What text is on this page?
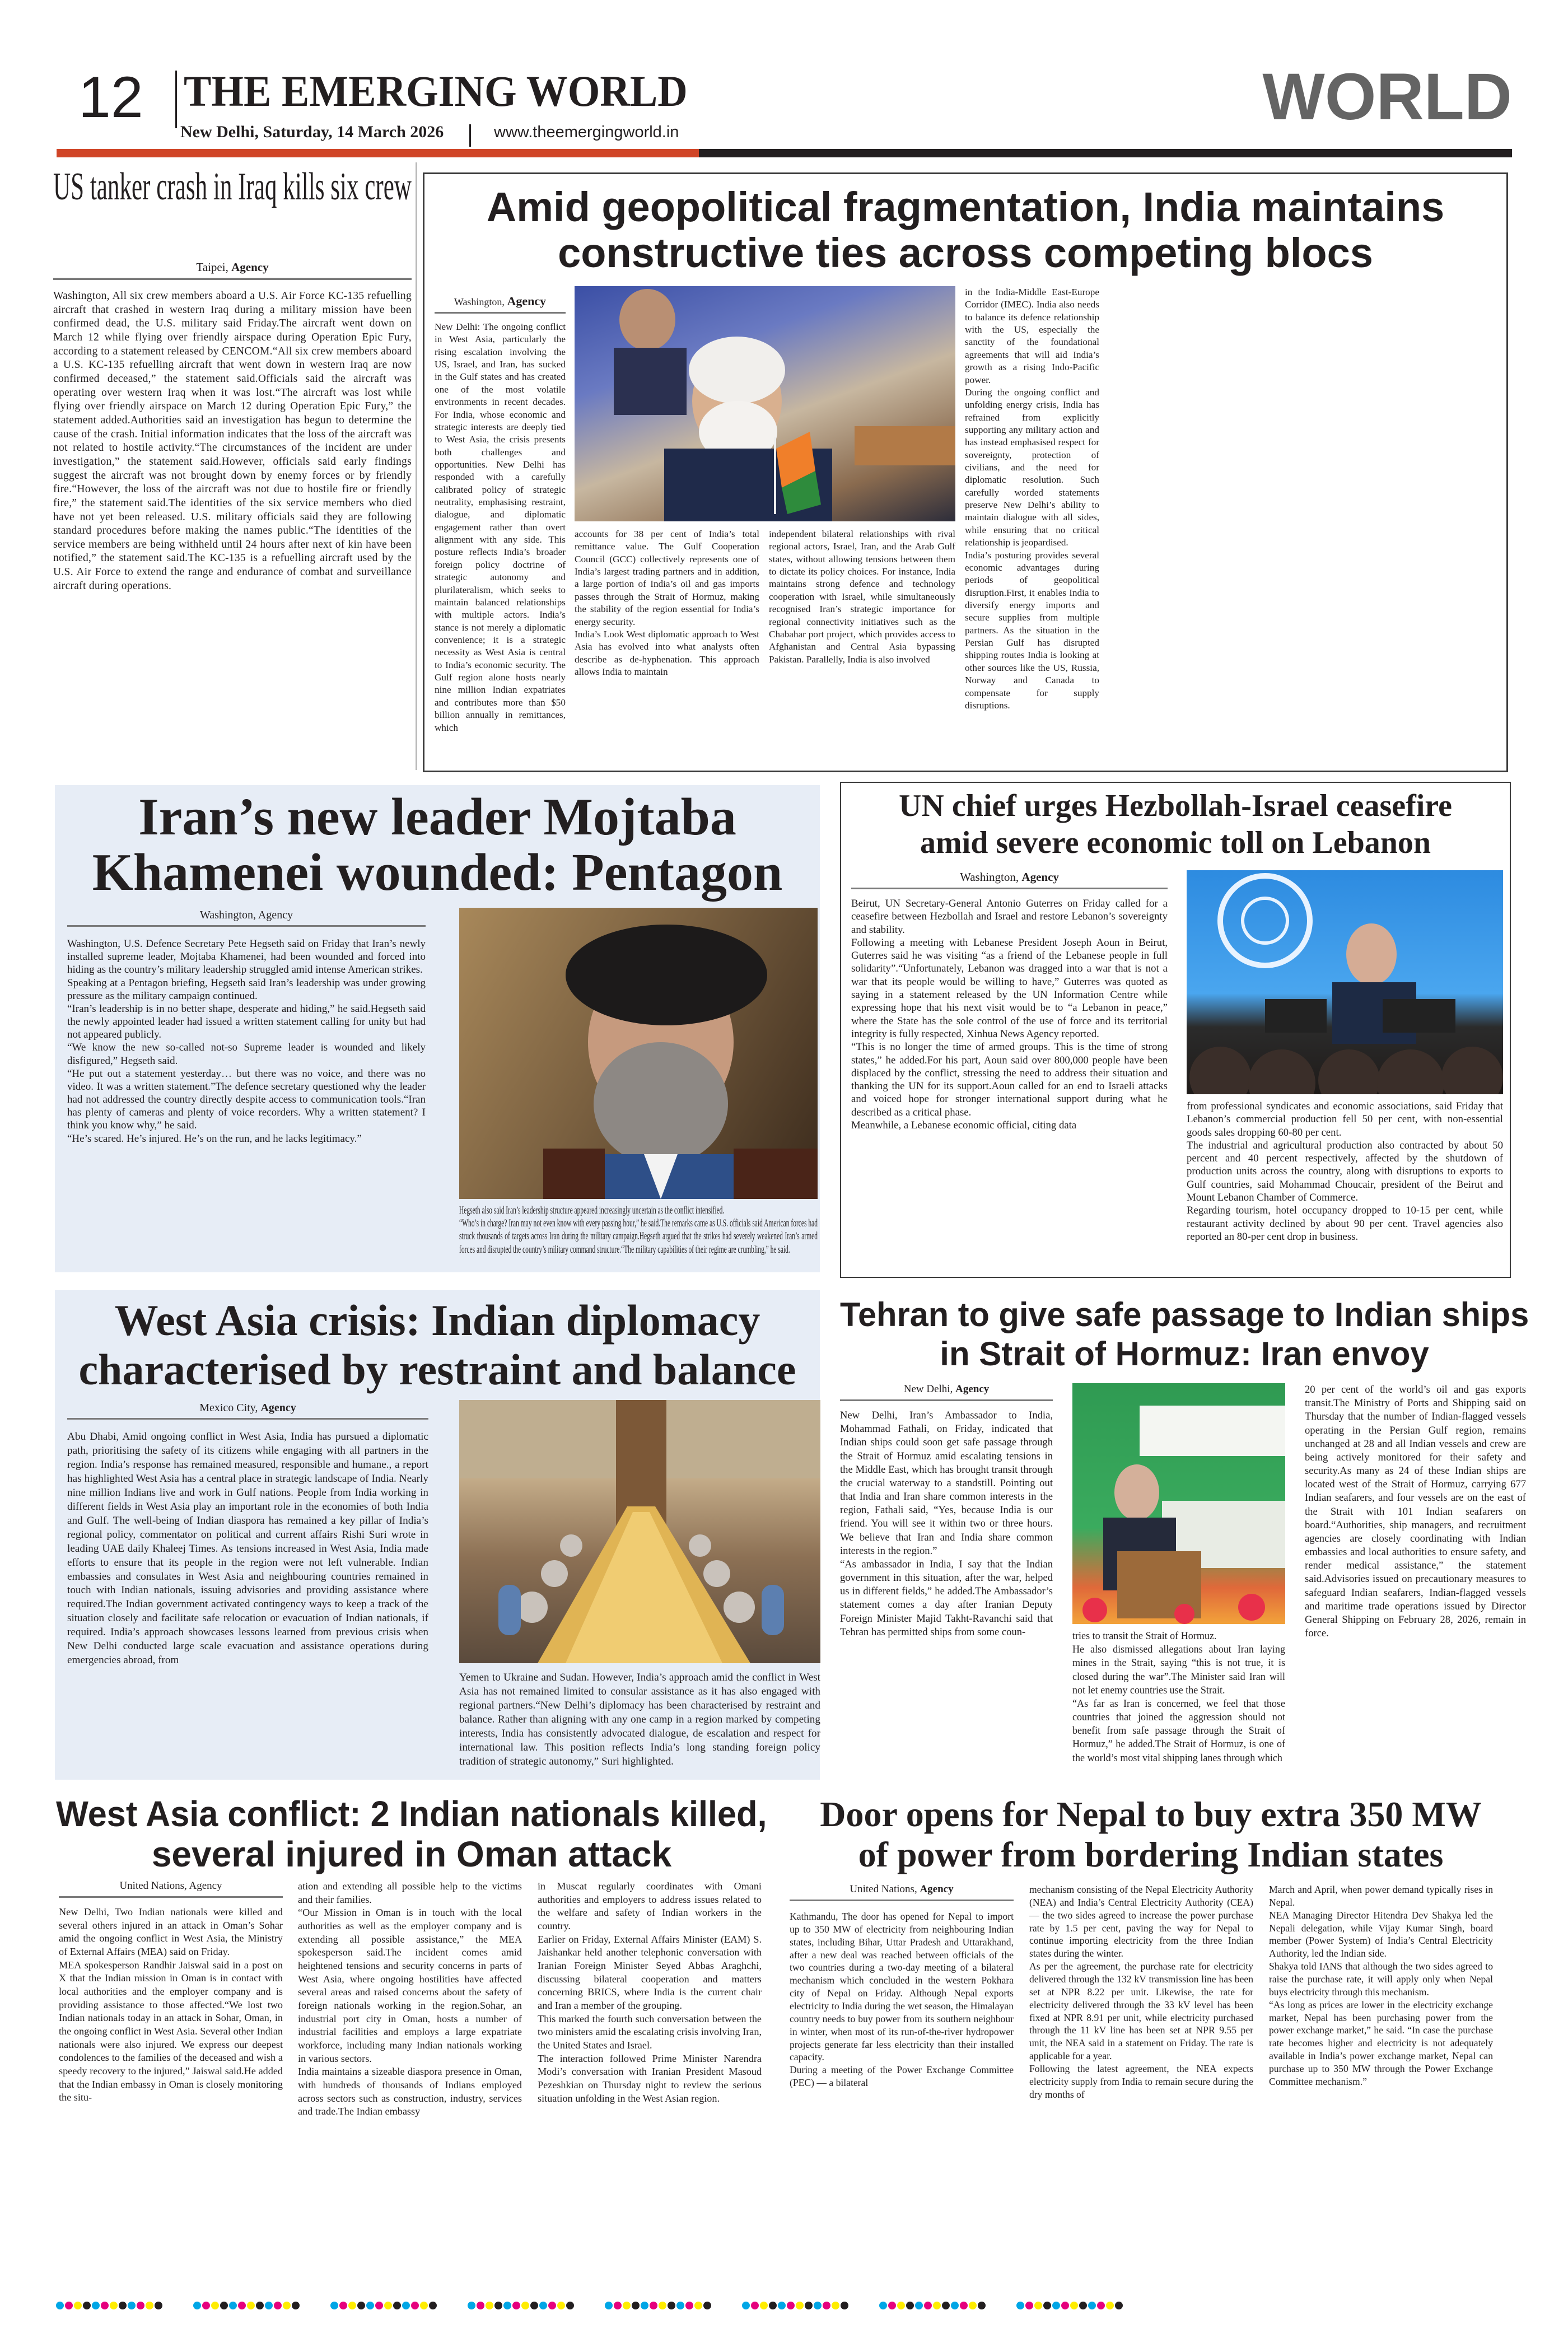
12 THE EMERGING WORLD
New Delhi, Saturday, 14 March 2026	www.theemergingworld.in	WORLD
US tanker crash in Iraq kills six crew
Taipei, Agency

Washington, All six crew members aboard a U.S. Air Force KC-135 refuelling aircraft that crashed in western Iraq during a military mission have been confirmed dead, the U.S. military said Friday.The aircraft went down on March 12 while flying over friendly airspace during Operation Epic Fury, according to a statement released by CENCOM.“All six crew members aboard a U.S. KC-135 refuelling aircraft that went down in western Iraq are now confirmed deceased,” the statement said.Officials said the aircraft was operating over western Iraq when it was lost.“The aircraft was lost while flying over friendly airspace on March 12 during Operation Epic Fury,” the statement added.Authorities said an investigation has begun to determine the cause of the crash. Initial information indicates that the loss of the aircraft was not related to hostile activity.“The circumstances of the incident are under investigation,” the statement said.However, officials said early findings suggest the aircraft was not brought down by enemy forces or by friendly fire.“However, the loss of the aircraft was not due to hostile fire or friendly fire,” the statement said.The identities of the six service members who died have not yet been released. U.S. military officials said they are following standard procedures before making the names public.“The identities of the service members are being withheld until 24 hours after next of kin have been notified,” the statement said.The KC-135 is a refuelling aircraft used by the U.S. Air Force to extend the range and endurance of combat and surveillance aircraft during operations.

Amid geopolitical fragmentation, India maintains
constructive ties across competing blocs
Washington, Agency

New Delhi: The ongoing conflict in West Asia, particularly the rising escalation involving the US, Israel, and Iran, has sucked in the Gulf states and has created one of the most volatile environments in recent decades. For India, whose economic and strategic interests are deeply tied to West Asia, the crisis presents both challenges and opportunities. New Delhi has responded with a carefully calibrated policy of strategic neutrality, emphasising restraint, dialogue, and diplomatic engagement rather than overt alignment with any side. This posture reflects India’s broader foreign policy doctrine of strategic autonomy and plurilateralism, which seeks to maintain balanced relationships with multiple actors. India’s stance is not merely a diplomatic convenience; it is a strategic necessity as West Asia is central to India’s economic security. The Gulf region alone hosts nearly nine million Indian expatriates and contributes more than $50 billion annually in remittances, which

accounts for 38 per cent of India’s total remittance value. The Gulf Cooperation Council (GCC) collectively represents one of India’s largest trading partners and in addition, a large portion of India’s oil and gas imports passes through the Strait of Hormuz, making the stability of the region essential for India’s energy security.

India’s Look West diplomatic approach to West Asia has evolved into what analysts often describe as de-hyphenation. This approach allows India to maintain

independent bilateral relationships with rival regional actors, Israel, Iran, and the Arab Gulf states, without allowing tensions between them to dictate its policy choices. For instance, India maintains strong defence and technology cooperation with Israel, while simultaneously recognised Iran’s strategic importance for regional connectivity initiatives such as the Chabahar port project, which provides access to Afghanistan and Central Asia bypassing Pakistan. Parallelly, India is also involved

in the India-Middle East-Europe Corridor (IMEC). India also needs to balance its defence relationship with the US, especially the sanctity of the foundational agreements that will aid India’s growth as a rising Indo-Pacific power.

During the ongoing conflict and unfolding energy crisis, India has refrained from explicitly supporting any military action and has instead emphasised respect for sovereignty, protection of civilians, and the need for diplomatic resolution. Such carefully worded statements preserve New Delhi’s ability to maintain dialogue with all sides, while ensuring that no critical relationship is jeopardised.

India’s posturing provides several economic advantages during periods of geopolitical disruption.First, it enables India to diversify energy imports and secure supplies from multiple partners. As the situation in the Persian Gulf has disrupted shipping routes India is looking at other sources like the US, Russia, Norway and Canada to compensate for supply disruptions.

Iran’s new leader Mojtaba Khamenei wounded: Pentagon
Washington, Agency

Washington, U.S. Defence Secretary Pete Hegseth said on Friday that Iran’s newly installed supreme leader, Mojtaba Khamenei, had been wounded and forced into hiding as the country’s military leadership struggled amid intense American strikes.

Speaking at a Pentagon briefing, Hegseth said Iran’s leadership was under growing pressure as the military campaign continued.

“Iran’s leadership is in no better shape, desperate and hiding,” he said.Hegseth said the newly appointed leader had issued a written statement calling for unity but had not appeared publicly.

“We know the new so-called not-so Supreme leader is wounded and likely disfigured,” Hegseth said.

“He put out a statement yesterday… but there was no voice, and there was no video. It was a written statement.”The defence secretary questioned why the leader had not addressed the country directly despite access to communication tools.“Iran has plenty of cameras and plenty of voice recorders. Why a written statement? I think you know why,” he said.

“He’s scared. He’s injured. He’s on the run, and he lacks legitimacy.”

Hegseth also said Iran’s leadership structure appeared increasingly uncertain as the conflict intensified.

“Who’s in charge? Iran may not even know with every passing hour,” he said.The remarks came as U.S. officials said American forces had struck thousands of targets across Iran during the military campaign.Hegseth argued that the strikes had severely weakened Iran’s armed forces and disrupted the country’s military command structure.“The military capabilities of their regime are crumbling,” he said.

UN chief urges Hezbollah-Israel ceasefire
amid severe economic toll on Lebanon
Washington, Agency

Beirut, UN Secretary-General Antonio Guterres on Friday called for a ceasefire between Hezbollah and Israel and restore Lebanon’s sovereignty and stability.

Following a meeting with Lebanese President Joseph Aoun in Beirut, Guterres said he was visiting “as a friend of the Lebanese people in full solidarity”.“Unfortunately, Lebanon was dragged into a war that is not a war that its people would be willing to have,” Guterres was quoted as saying in a statement released by the UN Information Centre while expressing hope that his next visit would be to “a Lebanon in peace,” where the State has the sole control of the use of force and its territorial integrity is fully respected, Xinhua News Agency reported.

“This is no longer the time of armed groups. This is the time of strong states,” he added.For his part, Aoun said over 800,000 people have been displaced by the conflict, stressing the need to address their situation and thanking the UN for its support.Aoun called for an end to Israeli attacks and voiced hope for stronger international support during what he described as a critical phase.

Meanwhile, a Lebanese economic official, citing data

from professional syndicates and economic associations, said Friday that Lebanon’s commercial production fell 50 per cent, with non-essential goods sales dropping 60-80 per cent.

The industrial and agricultural production also contracted by about 50 percent and 40 percent respectively, affected by the shutdown of production units across the country, along with disruptions to exports to Gulf countries, said Mohammad Choucair, president of the Beirut and Mount Lebanon Chamber of Commerce.

Regarding tourism, hotel occupancy dropped to 10-15 per cent, while restaurant activity declined by about 90 per cent. Travel agencies also reported an 80-per cent drop in business.

West Asia crisis: Indian diplomacy
characterised by restraint and balance
Mexico City, Agency

Abu Dhabi, Amid ongoing conflict in West Asia, India has pursued a diplomatic path, prioritising the safety of its citizens while engaging with all partners in the region. India’s response has remained measured, responsible and humane., a report has highlighted West Asia has a central place in strategic landscape of India. Nearly nine million Indians live and work in Gulf nations. People from India working in different fields in West Asia play an important role in the economies of both India and Gulf. The well-being of Indian diaspora has remained a key pillar of India’s regional policy, commentator on political and current affairs Rishi Suri wrote in leading UAE daily Khaleej Times. As tensions increased in West Asia, India made efforts to ensure that its people in the region were not left vulnerable. Indian embassies and consulates in West Asia and neighbouring countries remained in touch with Indian nationals, issuing advisories and providing assistance where required.The Indian government activated contingency ways to keep a track of the situation closely and facilitate safe relocation or evacuation of Indian nationals, if required. India’s approach showcases lessons learned from previous crisis when New Delhi conducted large scale evacuation and assistance operations during emergencies abroad, from

Yemen to Ukraine and Sudan. However, India’s approach amid the conflict in West Asia has not remained limited to consular assistance as it has also engaged with regional partners.“New Delhi’s diplomacy has been characterised by restraint and balance. Rather than aligning with any one camp in a region marked by competing interests, India has consistently advocated dialogue, de escalation and respect for international law. This position reflects India’s long standing foreign policy tradition of strategic autonomy,” Suri highlighted.

Tehran to give safe passage to Indian ships
in Strait of Hormuz: Iran envoy
New Delhi, Agency

New Delhi, Iran’s Ambassador to India, Mohammad Fathali, on Friday, indicated that Indian ships could soon get safe passage through the Strait of Hormuz amid escalating tensions in the Middle East, which has brought transit through the crucial waterway to a standstill. Pointing out that India and Iran share common interests in the region, Fathali said, “Yes, because India is our friend. You will see it within two or three hours. We believe that Iran and India share common interests in the region.”

“As ambassador in India, I say that the Indian government in this situation, after the war, helped us in different fields,” he added.The Ambassador’s statement comes a day after Iranian Deputy Foreign Minister Majid Takht-Ravanchi said that Tehran has permitted ships from some coun-	tries to transit the Strait of Hormuz.

He also dismissed allegations about Iran laying mines in the Strait, saying “this is not true, it is closed during the war”.The Minister said Iran will not let enemy countries use the Strait.

“As far as Iran is concerned, we feel that those countries that joined the aggression should not benefit from safe passage through the Strait of Hormuz,” he added.The Strait of Hormuz, is one of the world’s most vital shipping lanes through which

20 per cent of the world’s oil and gas exports transit.The Ministry of Ports and Shipping said on Thursday that the number of Indian-flagged vessels operating in the Persian Gulf region, remains unchanged at 28 and all Indian vessels and crew are being actively monitored for their safety and security.As many as 24 of these Indian ships are located west of the Strait of Hormuz, carrying 677 Indian seafarers, and four vessels are on the east of the Strait with 101 Indian seafarers on board.“Authorities, ship managers, and recruitment agencies are closely coordinating with Indian embassies and local authorities to ensure safety, and render medical assistance,” the statement said.Advisories issued on precautionary measures to safeguard Indian seafarers, Indian-flagged vessels and maritime trade operations issued by Director General Shipping on February 28, 2026, remain in force.

West Asia conflict: 2 Indian nationals killed,
several injured in Oman attack
United Nations, Agency

New Delhi, Two Indian nationals were killed and several others injured in an attack in Oman’s Sohar amid the ongoing conflict in West Asia, the Ministry of External Affairs (MEA) said on Friday.

MEA spokesperson Randhir Jaiswal said in a post on X that the Indian mission in Oman is in contact with local authorities and the employer company and is providing assistance to those affected.“We lost two Indian nationals today in an attack in Sohar, Oman, in the ongoing conflict in West Asia. Several other Indian nationals were also injured. We express our deepest condolences to the families of the deceased and wish a speedy recovery to the injured,” Jaiswal said.He added that the Indian embassy in Oman is closely monitoring the situ-

ation and extending all possible help to the victims and their families.

“Our Mission in Oman is in touch with the local authorities as well as the employer company and is extending all possible assistance,” the MEA spokesperson said.The incident comes amid heightened tensions and security concerns in parts of West Asia, where ongoing hostilities have affected several areas and raised concerns about the safety of foreign nationals working in the region.Sohar, an industrial port city in Oman, hosts a number of industrial facilities and employs a large expatriate workforce, including many Indian nationals working in various sectors.

India maintains a sizeable diaspora presence in Oman, with hundreds of thousands of Indians employed across sectors such as construction, industry, services and trade.The Indian embassy

in Muscat regularly coordinates with Omani authorities and employers to address issues related to the welfare and safety of Indian workers in the country.

Earlier on Friday, External Affairs Minister (EAM) S. Jaishankar held another telephonic conversation with Iranian Foreign Minister Seyed Abbas Araghchi, discussing bilateral cooperation and matters concerning BRICS, where India is the current chair and Iran a member of the grouping.

This marked the fourth such conversation between the two ministers amid the escalating crisis involving Iran, the United States and Israel.

The interaction followed Prime Minister Narendra Modi’s conversation with Iranian President Masoud Pezeshkian on Thursday night to review the serious situation unfolding in the West Asian region.

Door opens for Nepal to buy extra 350 MW
of power from bordering Indian states
United Nations, Agency

Kathmandu, The door has opened for Nepal to import up to 350 MW of electricity from neighbouring Indian states, including Bihar, Uttar Pradesh and Uttarakhand, after a new deal was reached between officials of the two countries during a two-day meeting of a bilateral mechanism which concluded in the western Pokhara city of Nepal on Friday. Although Nepal exports electricity to India during the wet season, the Himalayan country needs to buy power from its southern neighbour in winter, when most of its run-of-the-river hydropower projects generate far less electricity than their installed capacity.

During a meeting of the Power Exchange Committee (PEC) — a bilateral

mechanism consisting of the Nepal Electricity Authority (NEA) and India’s Central Electricity Authority (CEA) — the two sides agreed to increase the power purchase rate by 1.5 per cent, paving the way for Nepal to continue importing electricity from the three Indian states during the winter.

As per the agreement, the purchase rate for electricity delivered through the 132 kV transmission line has been set at NPR 8.22 per unit. Likewise, the rate for electricity delivered through the 33 kV level has been fixed at NPR 8.91 per unit, while electricity purchased through the 11 kV line has been set at NPR 9.55 per unit, the NEA said in a statement on Friday. The rate is applicable for a year.

Following the latest agreement, the NEA expects electricity supply from India to remain secure during the dry months of

March and April, when power demand typically rises in Nepal.

NEA Managing Director Hitendra Dev Shakya led the Nepali delegation, while Vijay Kumar Singh, board member (Power System) of India’s Central Electricity Authority, led the Indian side.

Shakya told IANS that although the two sides agreed to raise the purchase rate, it will apply only when Nepal buys electricity through this mechanism.

“As long as prices are lower in the electricity exchange market, Nepal has been purchasing power from the power exchange market,” he said. “In case the purchase rate becomes higher and electricity is not adequately available in India’s power exchange market, Nepal can purchase up to 350 MW through the Power Exchange Committee mechanism.”
